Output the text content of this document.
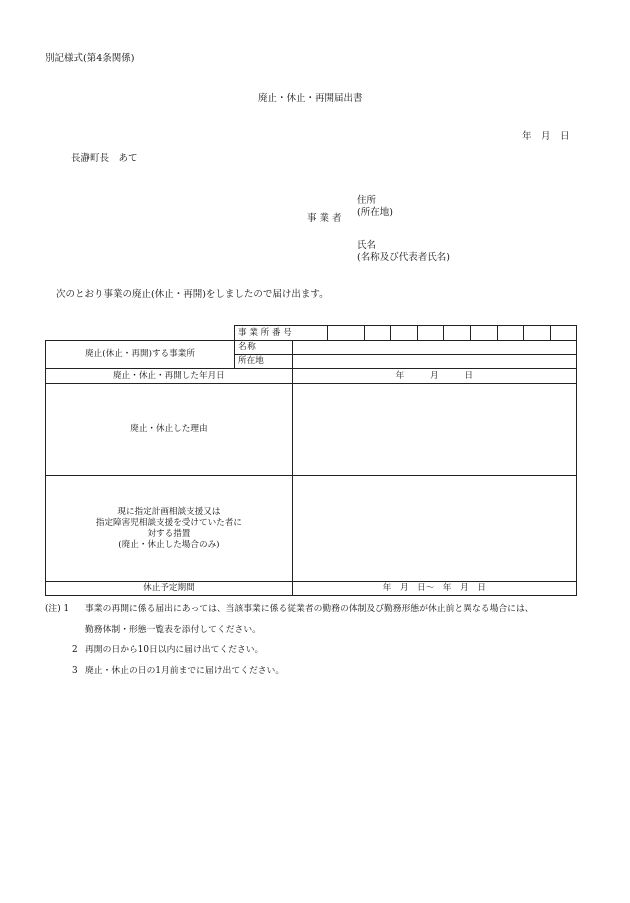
別記様式(第4条関係)
廃止・休止・再開届出書
年　月　日
長瀞町長　あて
事 業 者
住所
(所在地)
氏名
(名称及び代表者氏名)
次のとおり事業の廃止(休止・再開)をしましたので届け出ます。
	事 業 所 番 号										
廃止(休止・再開)する事業所	名 称										

	所 在 地										

廃止・休止・再開した年月日		年　　　月　　　日									
廃止・休止した理由											

現に指定計画相談支援又は
指定障害児相談支援を受けていた者に
対する措置
(廃止・休止した場合のみ)											

休止予定期間		年　月　日～　年　月　日									
(注) 1 事業の再開に係る届出にあっては、当該事業に係る従業者の勤務の体制及び勤務形態が休止前と異なる場合には、
勤務体制・形態一覧表を添付してください。
2 再開の日から10日以内に届け出てください。
3 廃止・休止の日の1月前までに届け出てください。
